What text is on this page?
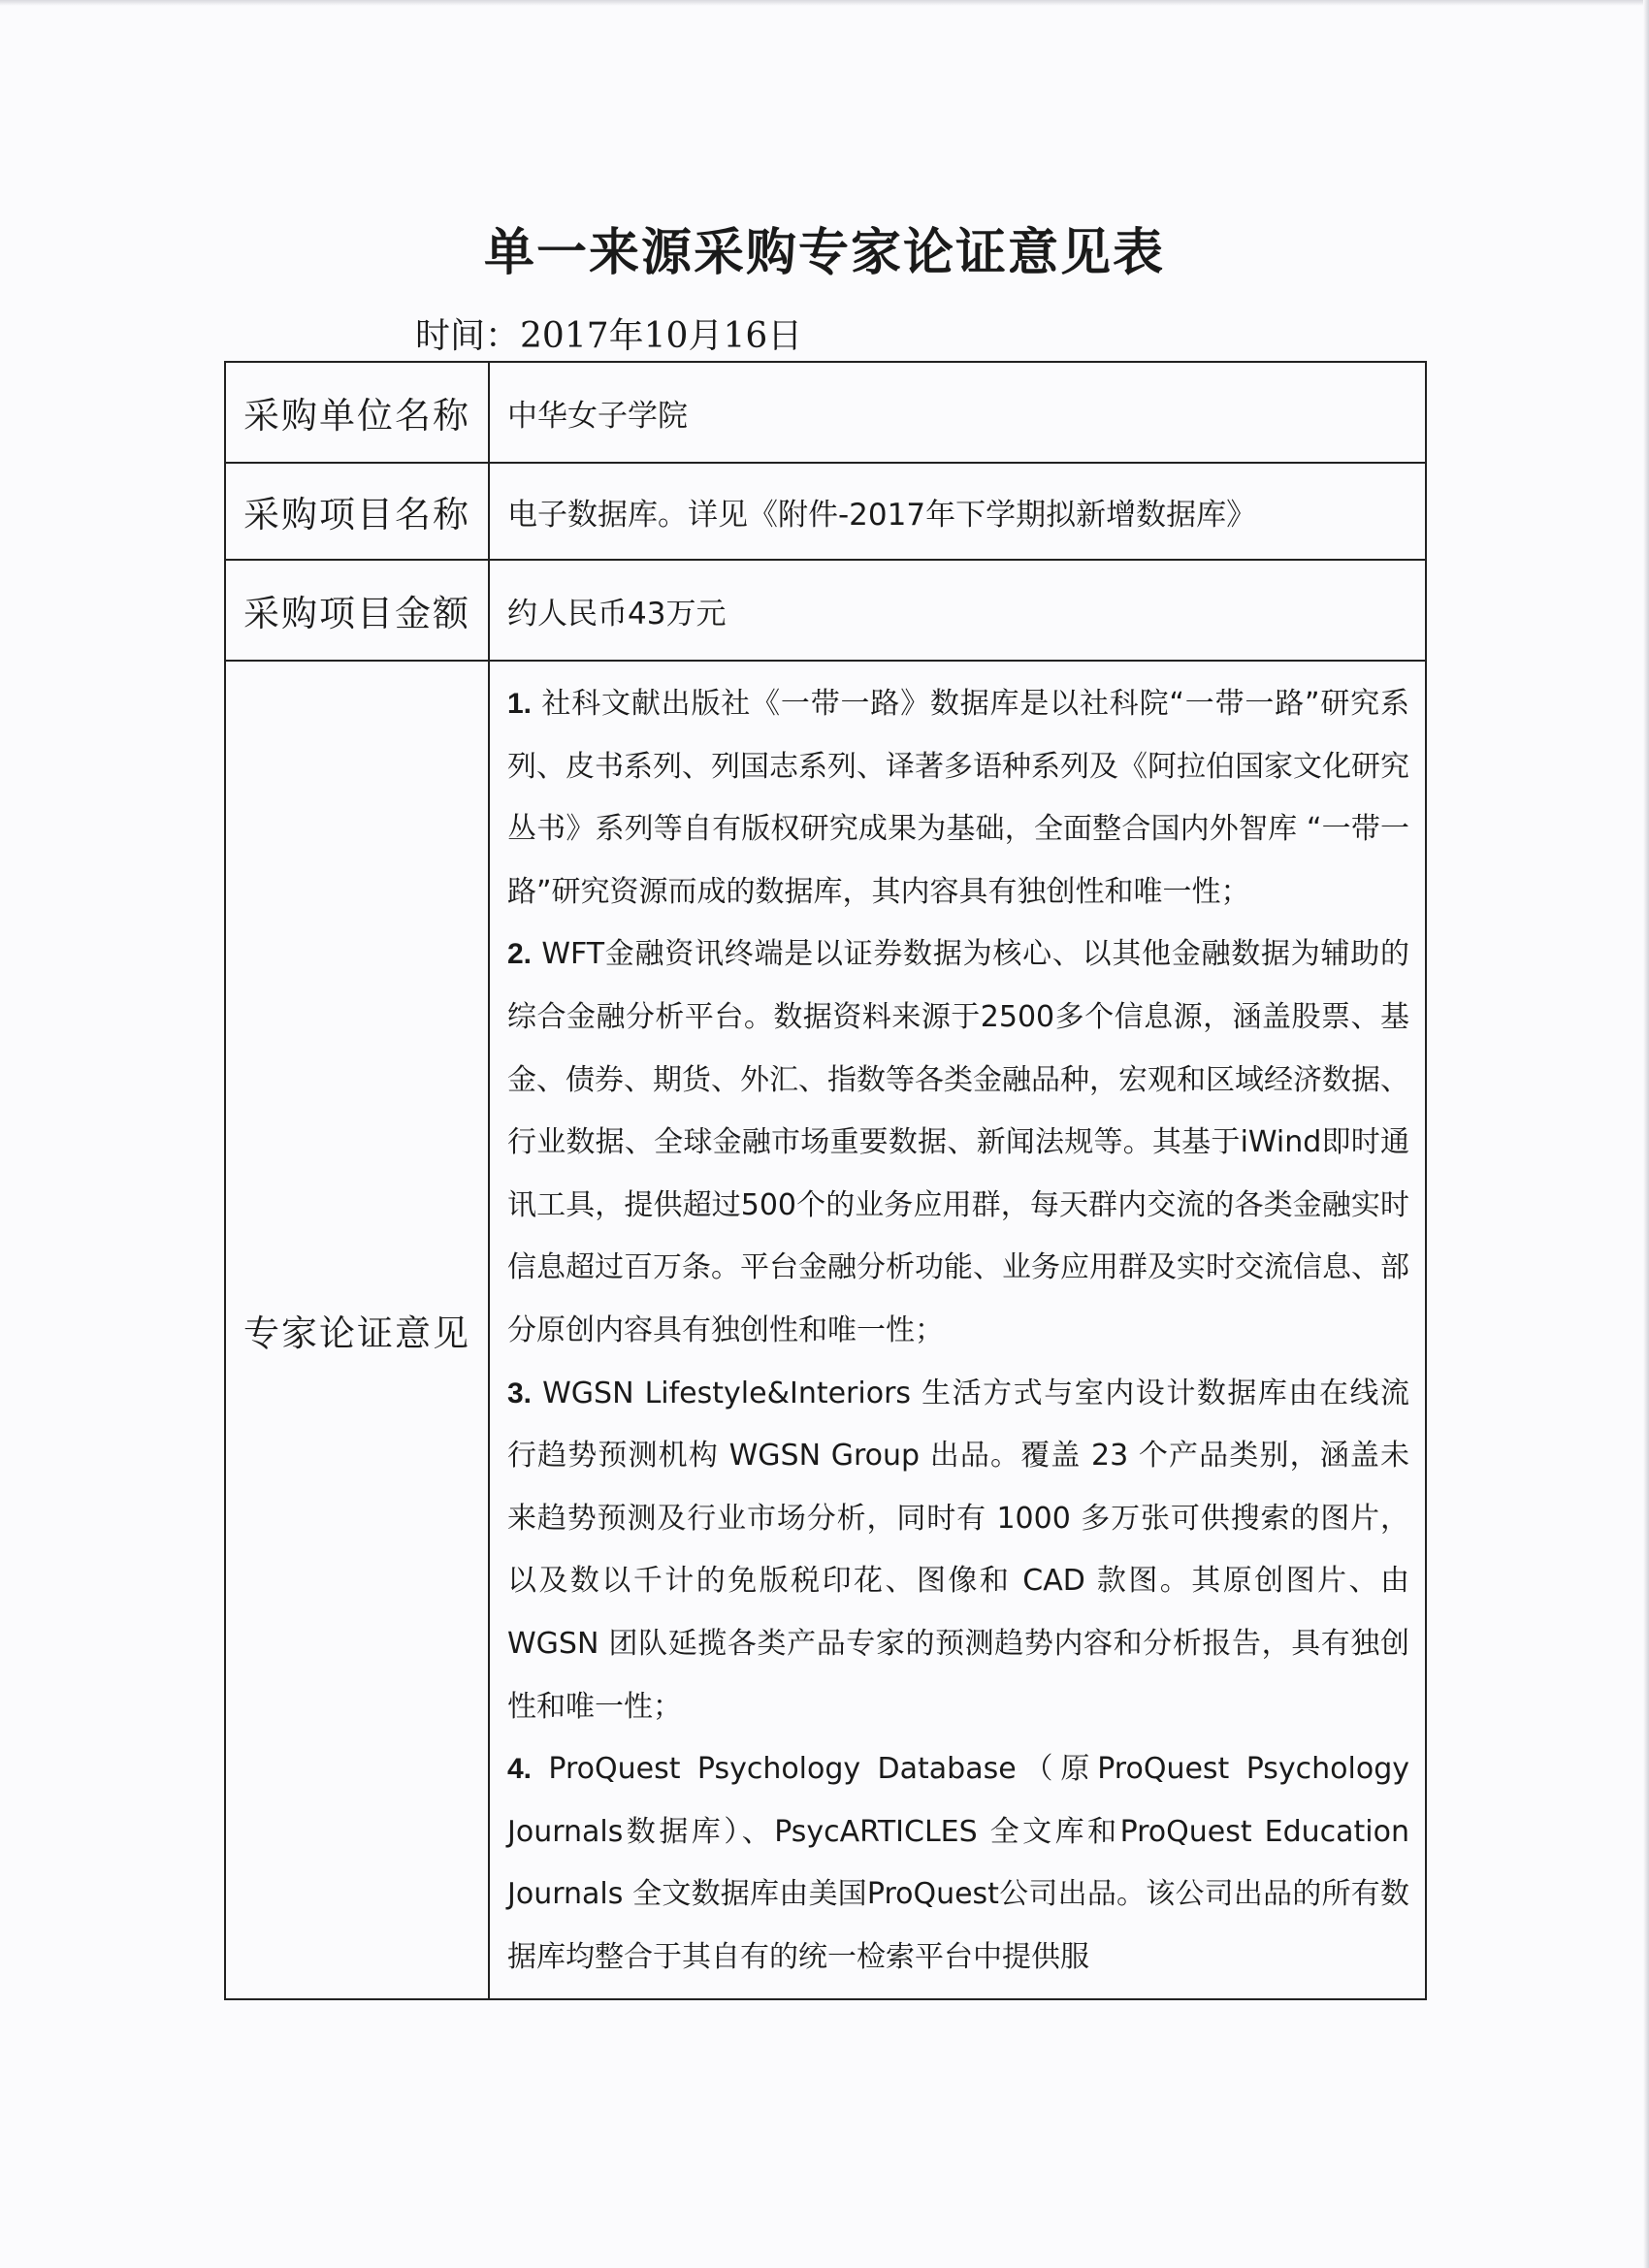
单一来源采购专家论证意见表
时间：2017年10月16日
采购单位名称	中华女子学院
采购项目名称	电子数据库。详见《附件-2017年下学期拟新增数据库》
采购项目金额	约人民币43万元
专家论证意见	1. 社科文献出版社《一带一路》数据库是以社科院“一带一路”研究系列、皮书系列、列国志系列、译著多语种系列及《阿拉伯国家文化研究丛书》系列等自有版权研究成果为基础，全面整合国内外智库 “一带一路”研究资源而成的数据库，其内容具有独创性和唯一性；

2. WFT金融资讯终端是以证券数据为核心、以其他金融数据为辅助的综合金融分析平台。数据资料来源于2500多个信息源，涵盖股票、基金、债券、期货、外汇、指数等各类金融品种，宏观和区域经济数据、行业数据、全球金融市场重要数据、新闻法规等。其基于iWind即时通讯工具，提供超过500个的业务应用群，每天群内交流的各类金融实时信息超过百万条。平台金融分析功能、业务应用群及实时交流信息、部分原创内容具有独创性和唯一性；

3. WGSN Lifestyle&Interiors 生活方式与室内设计数据库由在线流行趋势预测机构 WGSN Group 出品。覆盖 23 个产品类别，涵盖未来趋势预测及行业市场分析，同时有 1000 多万张可供搜索的图片，以及数以千计的免版税印花、图像和 CAD 款图。其原创图片、由 WGSN 团队延揽各类产品专家的预测趋势内容和分析报告，具有独创性和唯一性；

4. ProQuest Psychology Database（原ProQuest Psychology Journals数据库）、PsycARTICLES 全文库和ProQuest Education Journals 全文数据库由美国ProQuest公司出品。该公司出品的所有数据库均整合于其自有的统一检索平台中提供服
